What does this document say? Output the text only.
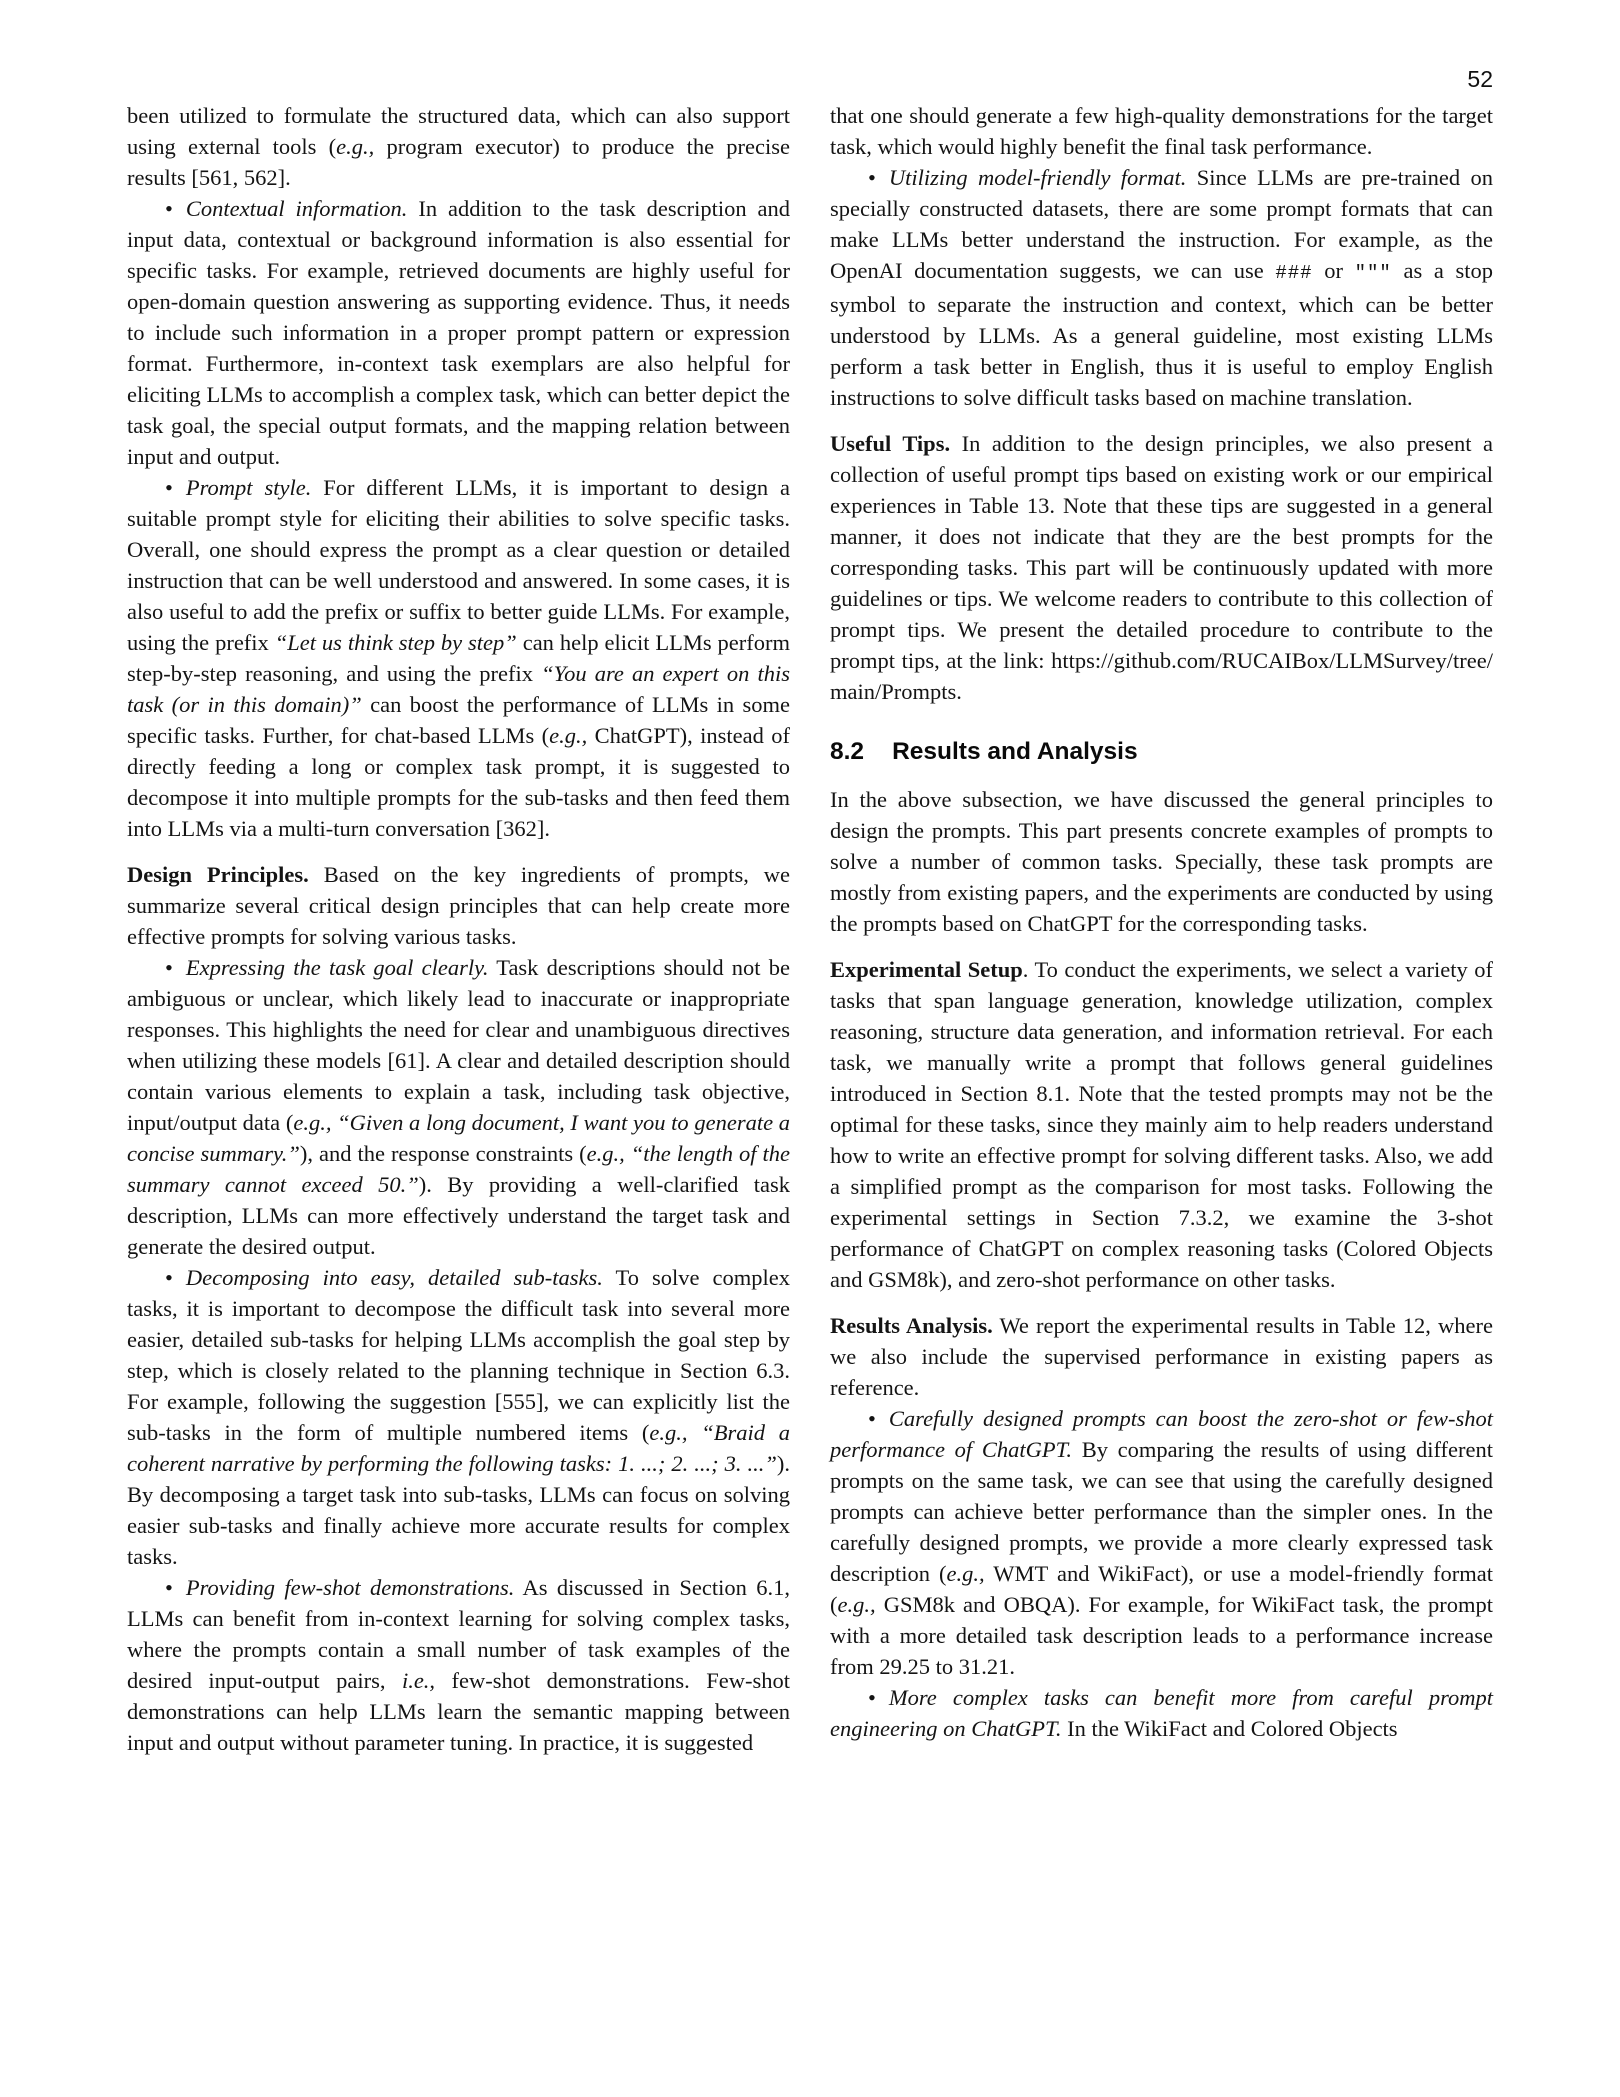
52

been utilized to formulate the structured data, which can also support using external tools (e.g., program executor) to produce the precise results [561, 562].

• Contextual information. In addition to the task description and input data, contextual or background information is also essential for specific tasks. For example, retrieved documents are highly useful for open-domain question answering as supporting evidence. Thus, it needs to include such information in a proper prompt pattern or expression format. Furthermore, in-context task exemplars are also helpful for eliciting LLMs to accomplish a complex task, which can better depict the task goal, the special output formats, and the mapping relation between input and output.

• Prompt style. For different LLMs, it is important to design a suitable prompt style for eliciting their abilities to solve specific tasks. Overall, one should express the prompt as a clear question or detailed instruction that can be well understood and answered. In some cases, it is also useful to add the prefix or suffix to better guide LLMs. For example, using the prefix “Let us think step by step” can help elicit LLMs perform step-by-step reasoning, and using the prefix “You are an expert on this task (or in this domain)” can boost the performance of LLMs in some specific tasks. Further, for chat-based LLMs (e.g., ChatGPT), instead of directly feeding a long or complex task prompt, it is suggested to decompose it into multiple prompts for the sub-tasks and then feed them into LLMs via a multi-turn conversation [362].

Design Principles. Based on the key ingredients of prompts, we summarize several critical design principles that can help create more effective prompts for solving various tasks.

• Expressing the task goal clearly. Task descriptions should not be ambiguous or unclear, which likely lead to inaccurate or inappropriate responses. This highlights the need for clear and unambiguous directives when utilizing these models [61]. A clear and detailed description should contain various elements to explain a task, including task objective, input/output data (e.g., “Given a long document, I want you to generate a concise summary.”), and the response constraints (e.g., “the length of the summary cannot exceed 50.”). By providing a well-clarified task description, LLMs can more effectively understand the target task and generate the desired output.

• Decomposing into easy, detailed sub-tasks. To solve complex tasks, it is important to decompose the difficult task into several more easier, detailed sub-tasks for helping LLMs accomplish the goal step by step, which is closely related to the planning technique in Section 6.3. For example, following the suggestion [555], we can explicitly list the sub-tasks in the form of multiple numbered items (e.g., “Braid a coherent narrative by performing the following tasks: 1. ...; 2. ...; 3. ...”). By decomposing a target task into sub-tasks, LLMs can focus on solving easier sub-tasks and finally achieve more accurate results for complex tasks.

• Providing few-shot demonstrations. As discussed in Section 6.1, LLMs can benefit from in-context learning for solving complex tasks, where the prompts contain a small number of task examples of the desired input-output pairs, i.e., few-shot demonstrations. Few-shot demonstrations can help LLMs learn the semantic mapping between input and output without parameter tuning. In practice, it is suggested

that one should generate a few high-quality demonstrations for the target task, which would highly benefit the final task performance.

• Utilizing model-friendly format. Since LLMs are pre-trained on specially constructed datasets, there are some prompt formats that can make LLMs better understand the instruction. For example, as the OpenAI documentation suggests, we can use ### or """ as a stop symbol to separate the instruction and context, which can be better understood by LLMs. As a general guideline, most existing LLMs perform a task better in English, thus it is useful to employ English instructions to solve difficult tasks based on machine translation.

Useful Tips. In addition to the design principles, we also present a collection of useful prompt tips based on existing work or our empirical experiences in Table 13. Note that these tips are suggested in a general manner, it does not indicate that they are the best prompts for the corresponding tasks. This part will be continuously updated with more guidelines or tips. We welcome readers to contribute to this collection of prompt tips. We present the detailed procedure to contribute to the prompt tips, at the link: https://github.com/RUCAIBox/LLMSurvey/tree/main/Prompts.

8.2 Results and Analysis

In the above subsection, we have discussed the general principles to design the prompts. This part presents concrete examples of prompts to solve a number of common tasks. Specially, these task prompts are mostly from existing papers, and the experiments are conducted by using the prompts based on ChatGPT for the corresponding tasks.

Experimental Setup. To conduct the experiments, we select a variety of tasks that span language generation, knowledge utilization, complex reasoning, structure data generation, and information retrieval. For each task, we manually write a prompt that follows general guidelines introduced in Section 8.1. Note that the tested prompts may not be the optimal for these tasks, since they mainly aim to help readers understand how to write an effective prompt for solving different tasks. Also, we add a simplified prompt as the comparison for most tasks. Following the experimental settings in Section 7.3.2, we examine the 3-shot performance of ChatGPT on complex reasoning tasks (Colored Objects and GSM8k), and zero-shot performance on other tasks.

Results Analysis. We report the experimental results in Table 12, where we also include the supervised performance in existing papers as reference.

• Carefully designed prompts can boost the zero-shot or few-shot performance of ChatGPT. By comparing the results of using different prompts on the same task, we can see that using the carefully designed prompts can achieve better performance than the simpler ones. In the carefully designed prompts, we provide a more clearly expressed task description (e.g., WMT and WikiFact), or use a model-friendly format (e.g., GSM8k and OBQA). For example, for WikiFact task, the prompt with a more detailed task description leads to a performance increase from 29.25 to 31.21.

• More complex tasks can benefit more from careful prompt engineering on ChatGPT. In the WikiFact and Colored Objects
